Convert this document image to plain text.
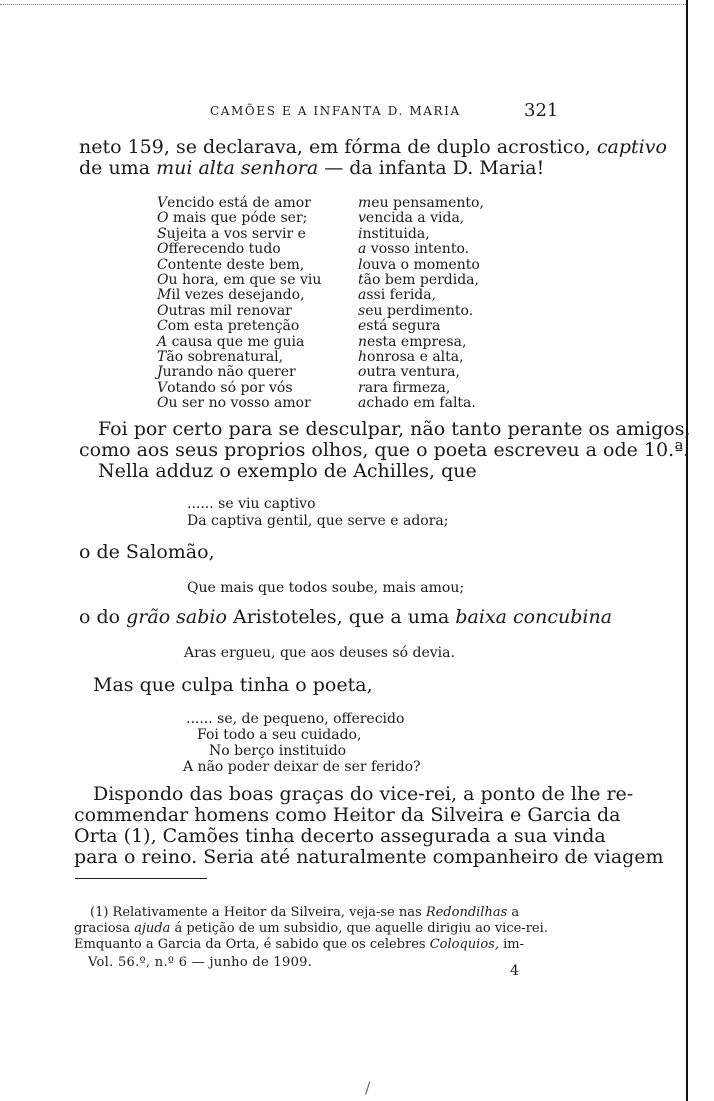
CAMÕES E A INFANTA D. MARIA	321
neto 159, se declarava, em fórma de duplo acrostico, captivo
de uma mui alta senhora — da infanta D. Maria!
Vencido está de amor
O mais que póde ser;
Sujeita a vos servir e
Offerecendo tudo
Contente deste bem,
Ou hora, em que se viu
Mil vezes desejando,
Outras mil renovar
Com esta pretenção
A causa que me guia
Tão sobrenatural,
Jurando não querer
Votando só por vós
Ou ser no vosso amor
meu pensamento,
vencida a vida,
instituida,
a vosso intento.
louva o momento
tão bem perdida,
assi ferida,
seu perdimento.
está segura
nesta empresa,
honrosa e alta,
outra ventura,
rara firmeza,
achado em falta.
Foi por certo para se desculpar, não tanto perante os amigos,
como aos seus proprios olhos, que o poeta escreveu a ode 10.ª.
Nella adduz o exemplo de Achilles, que
...... se viu captivo
Da captiva gentil, que serve e adora;
o de Salomão,
Que mais que todos soube, mais amou;
o do grão sabio Aristoteles, que a uma baixa concubina
Aras ergueu, que aos deuses só devia.
Mas que culpa tinha o poeta,
...... se, de pequeno, offerecido
Foi todo a seu cuidado,
No berço instituido
A não poder deixar de ser ferido?
Dispondo das boas graças do vice-rei, a ponto de lhe re-
commendar homens como Heitor da Silveira e Garcia da
Orta (1), Camões tinha decerto assegurada a sua vinda
para o reino. Seria até naturalmente companheiro de viagem
(1) Relativamente a Heitor da Silveira, veja-se nas Redondilhas a
graciosa ajuda á petição de um subsidio, que aquelle dirigiu ao vice-rei.
Emquanto a Garcia da Orta, é sabido que os celebres Coloquios, im-
Vol. 56.º, n.º 6 — junho de 1909.
4
/
